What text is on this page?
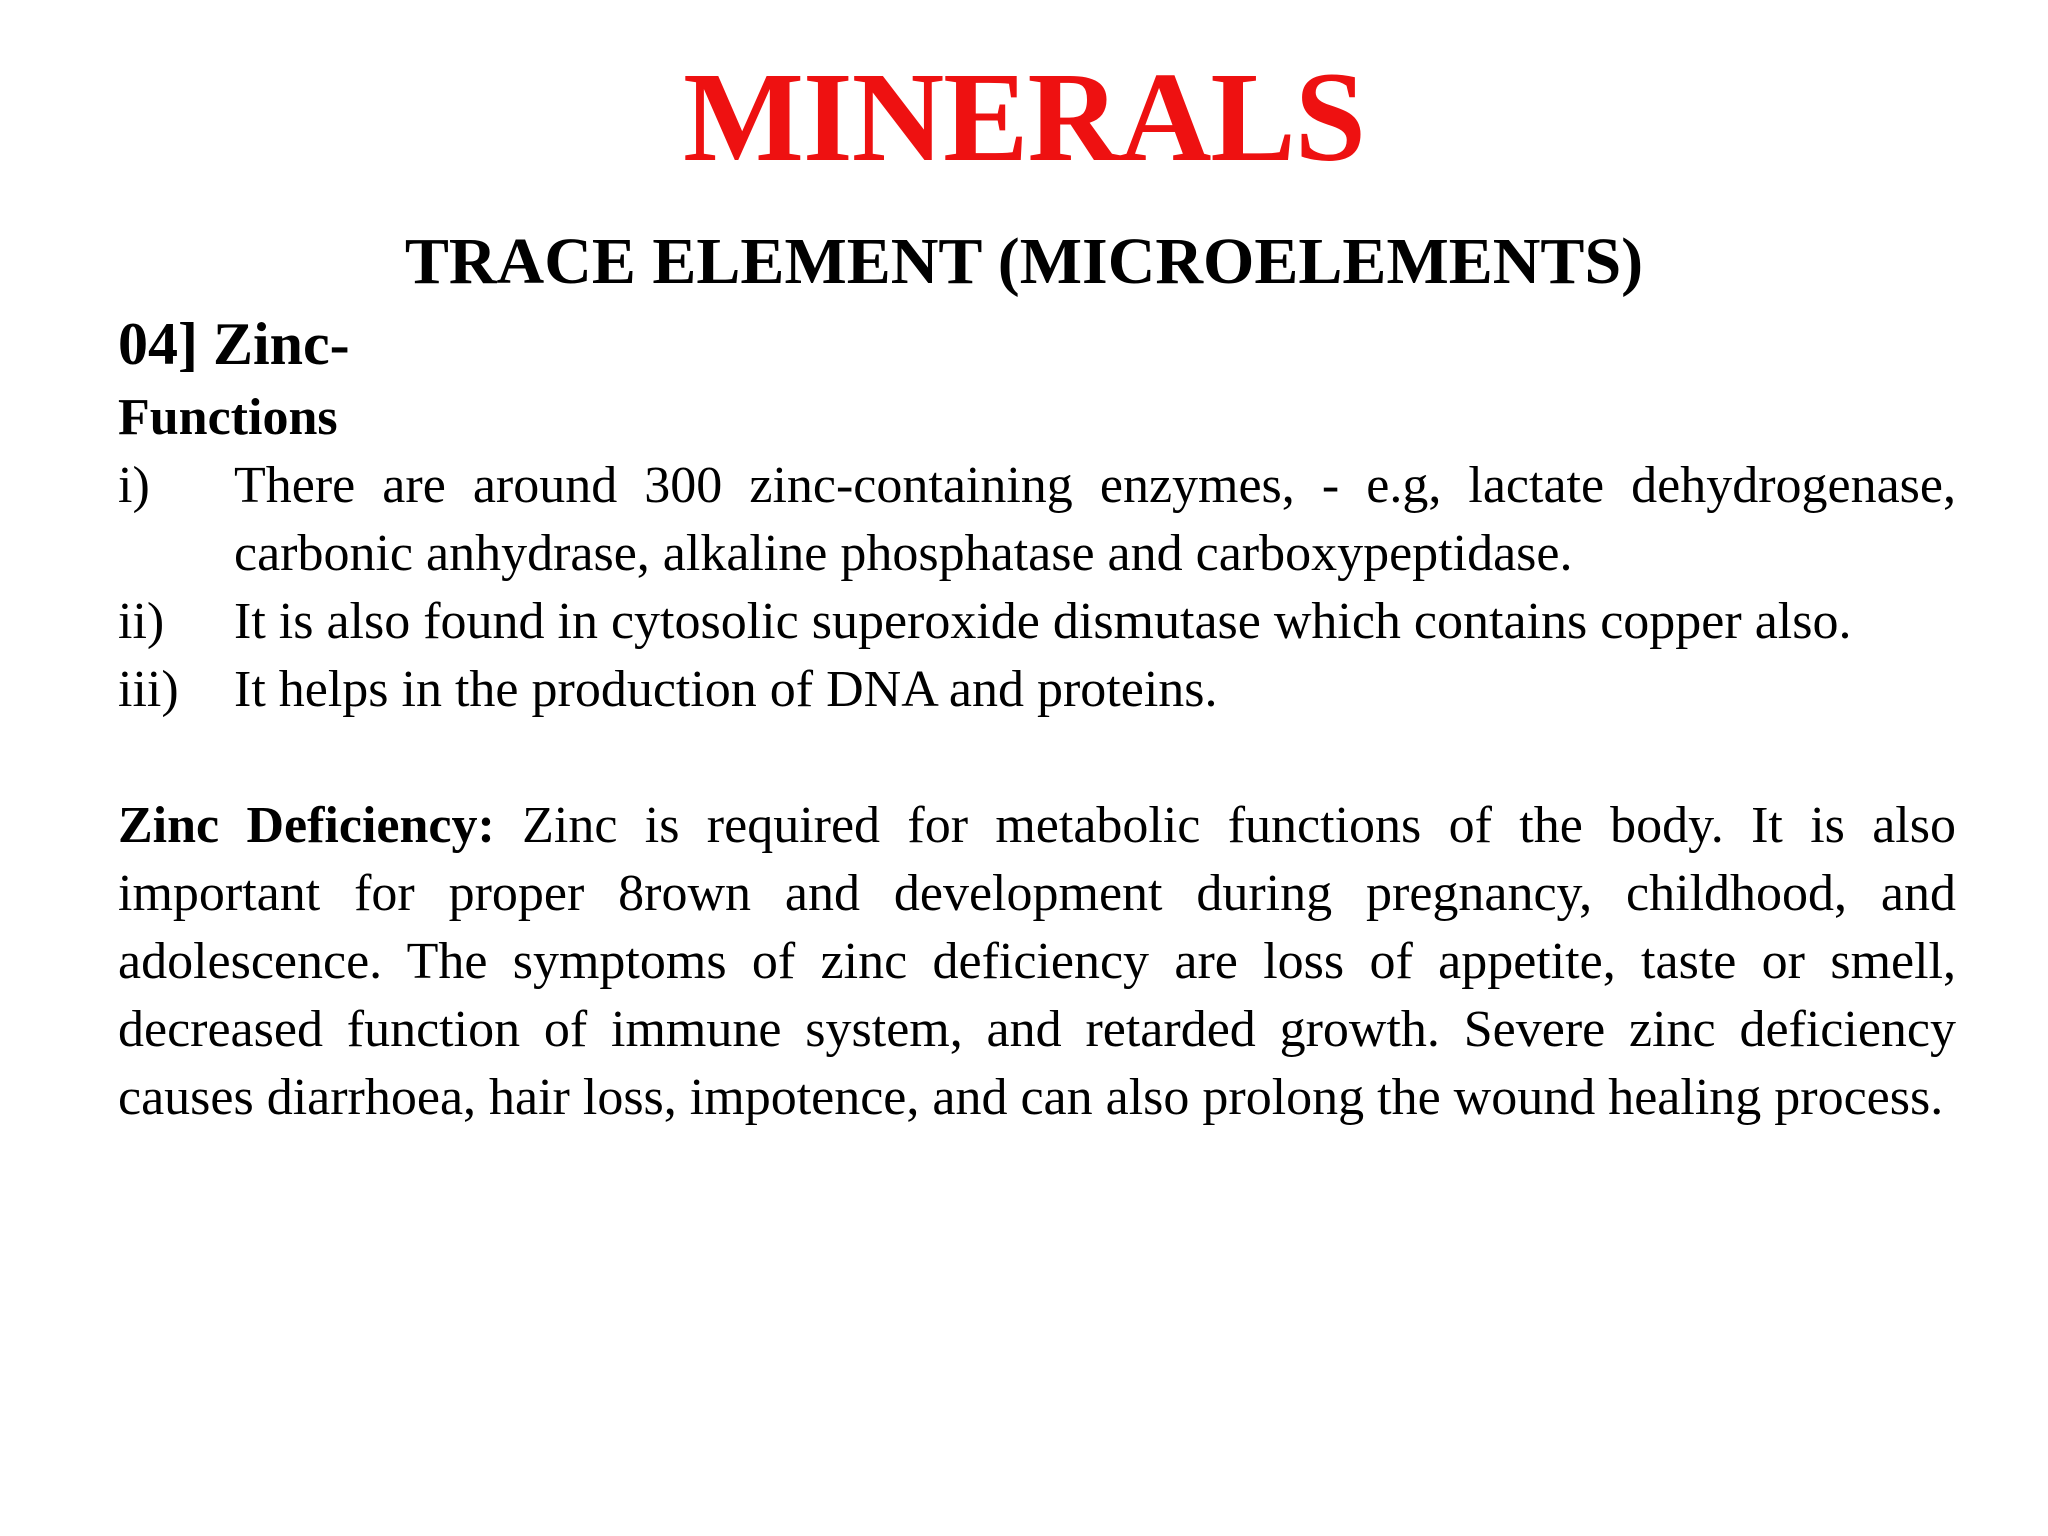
MINERALS
TRACE ELEMENT (MICROELEMENTS)
04] Zinc-
Functions
i)	There are around 300 zinc-containing enzymes, - e.g, lactate dehydrogenase, carbonic anhydrase, alkaline phosphatase and carboxypeptidase.
ii)	It is also found in cytosolic superoxide dismutase which contains copper also.
iii)	It helps in the production of DNA and proteins.

Zinc Deficiency: Zinc is required for metabolic functions of the body. It is also important for proper 8rown and development during pregnancy, childhood, and adolescence. The symptoms of zinc deficiency are loss of appetite, taste or smell, decreased function of immune system, and retarded growth. Severe zinc deficiency causes diarrhoea, hair loss, impotence, and can also prolong the wound healing process.
